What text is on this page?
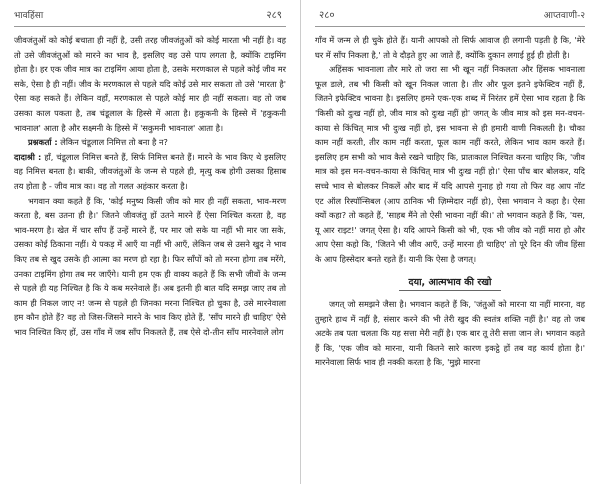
भावहिंसा	२८९

जीवजंतुओं को कोई बचाता ही नहीं है, उसी तरह जीवजंतुओं को कोई मारता भी नहीं है। वह तो उसे जीवजंतुओं को मारने का भाव है, इसलिए वह उसे पाप लगता है, क्योंकि टाइमिंग होता है। हर एक जीव मात्र का टाइमिंग आया होता है, उसके मरणकाल से पहले कोई जीव मर सके, ऐसा है ही नहीं। जीव के मरणकाल से पहले यदि कोई उसे मार सकता तो उसे 'मारता है' ऐसा कह सकते हैं। लेकिन वहाँ, मरणकाल से पहले कोई मार ही नहीं सकता। वह तो जब उसका काल पकता है, तब चंडूलाल के हिस्से में आता है। हकुकनी के हिस्से में 'हकुकनी भावनाल' आता है और सक्ष्मनी के हिस्से में 'सकुमनी भावनाल' आता है।

प्रश्नकर्ता : लेकिन चंडूलाल निमित्त तो बना है न?

दादाश्री : हाँ, चंडूलाल निमित्त बनते हैं, सिर्फ निमित्त बनते हैं। मारने के भाव किए थे इसलिए वह निमित्त बनता है। बाकी, जीवजंतुओं के जन्म से पहले ही, मृत्यु कब होगी उसका हिसाब तय होता है - जीव मात्र का। वह तो गलत अहंकार करता है।

भगवान क्या कहते हैं कि, 'कोई मनुष्य किसी जीव को मार ही नहीं सकता, भाव-मरण करता है, बस उतना ही है।' जितने जीवजंतु हों उतने मारने हैं ऐसा निश्चित करता है, वह भाव-मरण है। खेत में चार साँप हैं उन्हें मारने हैं, पर मार जो सके या नहीं भी मार जा सके, उसका कोई ठिकाना नहीं। ये पकड़ में आएँ या नहीं भी आएँ, लेकिन जब से उसने खुद ने भाव किए तब से खुद उसके ही आत्मा का मरण हो रहा है। फिर साँपों को तो मरना होगा तब मरेंगे, उनका टाइमिंग होगा तब मर जाएँगे। यानी हम एक ही वाक्य कहते हैं कि सभी जीवों के जन्म से पहले ही यह निश्चित है कि ये कब मरनेवाले हैं। अब इतनी ही बात यदि समझ जाए तब तो काम ही निकल जाए न! जन्म से पहले ही जिनका मरना निश्चित हो चुका है, उसे मारनेवाला हम कौन होते हैं? वह तो जिस-जिसने मारने के भाव किए होते हैं, 'साँप मारने ही चाहिए' ऐसे भाव निश्चित किए हों, उस गाँव में जब साँप निकलते हैं, तब ऐसे दो-तीन साँप मारनेवाले लोग

२८०	आप्तवाणी-२

गाँव में जन्म ले ही चुके होते हैं। यानी आपको तो सिर्फ आवाज ही लगानी पड़ती है कि, 'मेरे घर में साँप निकला है,' तो वे दौड़ते हुए आ जाते हैं, क्योंकि दुकान लगाई हुई ही होती है।

अहिंसक भावनाला तौर मारे तो जरा सा भी खून नहीं निकलता और हिंसक भावनाला फूल डाले, तब भी किसी को खून निकल जाता है। तीर और फूल इतने इफेक्टिव नहीं हैं, जितने इफेक्टिव भावना है। इसलिए हमने एक-एक शब्द में निरंतर हमें ऐसा भाव रहता है कि 'किसी को दुःख नहीं हो, जीव मात्र को दुःख नहीं हो' जगत् के जीव मात्र को इस मन-वचन-काया से किंचित् मात्र भी दुःख नहीं हो, इस भावना से ही हमारी वाणी निकलती है। चौका काम नहीं करती, तीर काम नहीं करता, फूल काम नहीं करते, लेकिन भाव काम करते हैं। इसलिए हम सभी को भाव कैसे रखने चाहिए कि, प्रातःकाल निश्चित करना चाहिए कि, 'जीव मात्र को इस मन-वचन-काया से किंचित् मात्र भी दुःख नहीं हो।' ऐसा पाँच बार बोलकर, यदि सच्चे भाव से बोलकर निकलें और बाद में यदि आपसे गुनाह हो गया तो फिर वह आप नॉट एट ऑल रिस्पॉन्सिबल (आप ठानिक भी ज़िम्मेदार नहीं हो), ऐसा भगवान ने कहा है। ऐसा क्यों कहा? तो कहते हैं, 'साहब मैंने तो ऐसी भावना नहीं की।' तो भगवान कहते हैं कि, 'यस, यू आर राइट!' जगत् ऐसा है। यदि आपने किसी को भी, एक भी जीव को नहीं मारा हो और आप ऐसा कहो कि, 'जितने भी जीव आएँ, उन्हें मारना ही चाहिए' तो पूरे दिन की जीव हिंसा के आप हिस्सेदार बनते रहते हैं। यानी कि ऐसा है जगत्।

दया, आत्मभाव की रखो

जगत् जो समझने जैसा है। भगवान कहते हैं कि, 'जंतुओं को मारना या नहीं मारना, वह तुम्हारे हाथ में नहीं है, संसार करने की भी तेरी खुद की स्वतंत्र शक्ति नहीं है।' वह तो जब अटके तब पता चलता कि यह सत्ता मेरी नहीं है। एक बार तू तेरी सत्ता जान ले। भगवान कहते हैं कि, 'एक जीव को मारना, यानी कितने सारे कारण इकट्ठे हों तब वह कार्य होता है।' मारनेवाला सिर्फ भाव ही नक्की करता है कि, 'मुझे मारना
